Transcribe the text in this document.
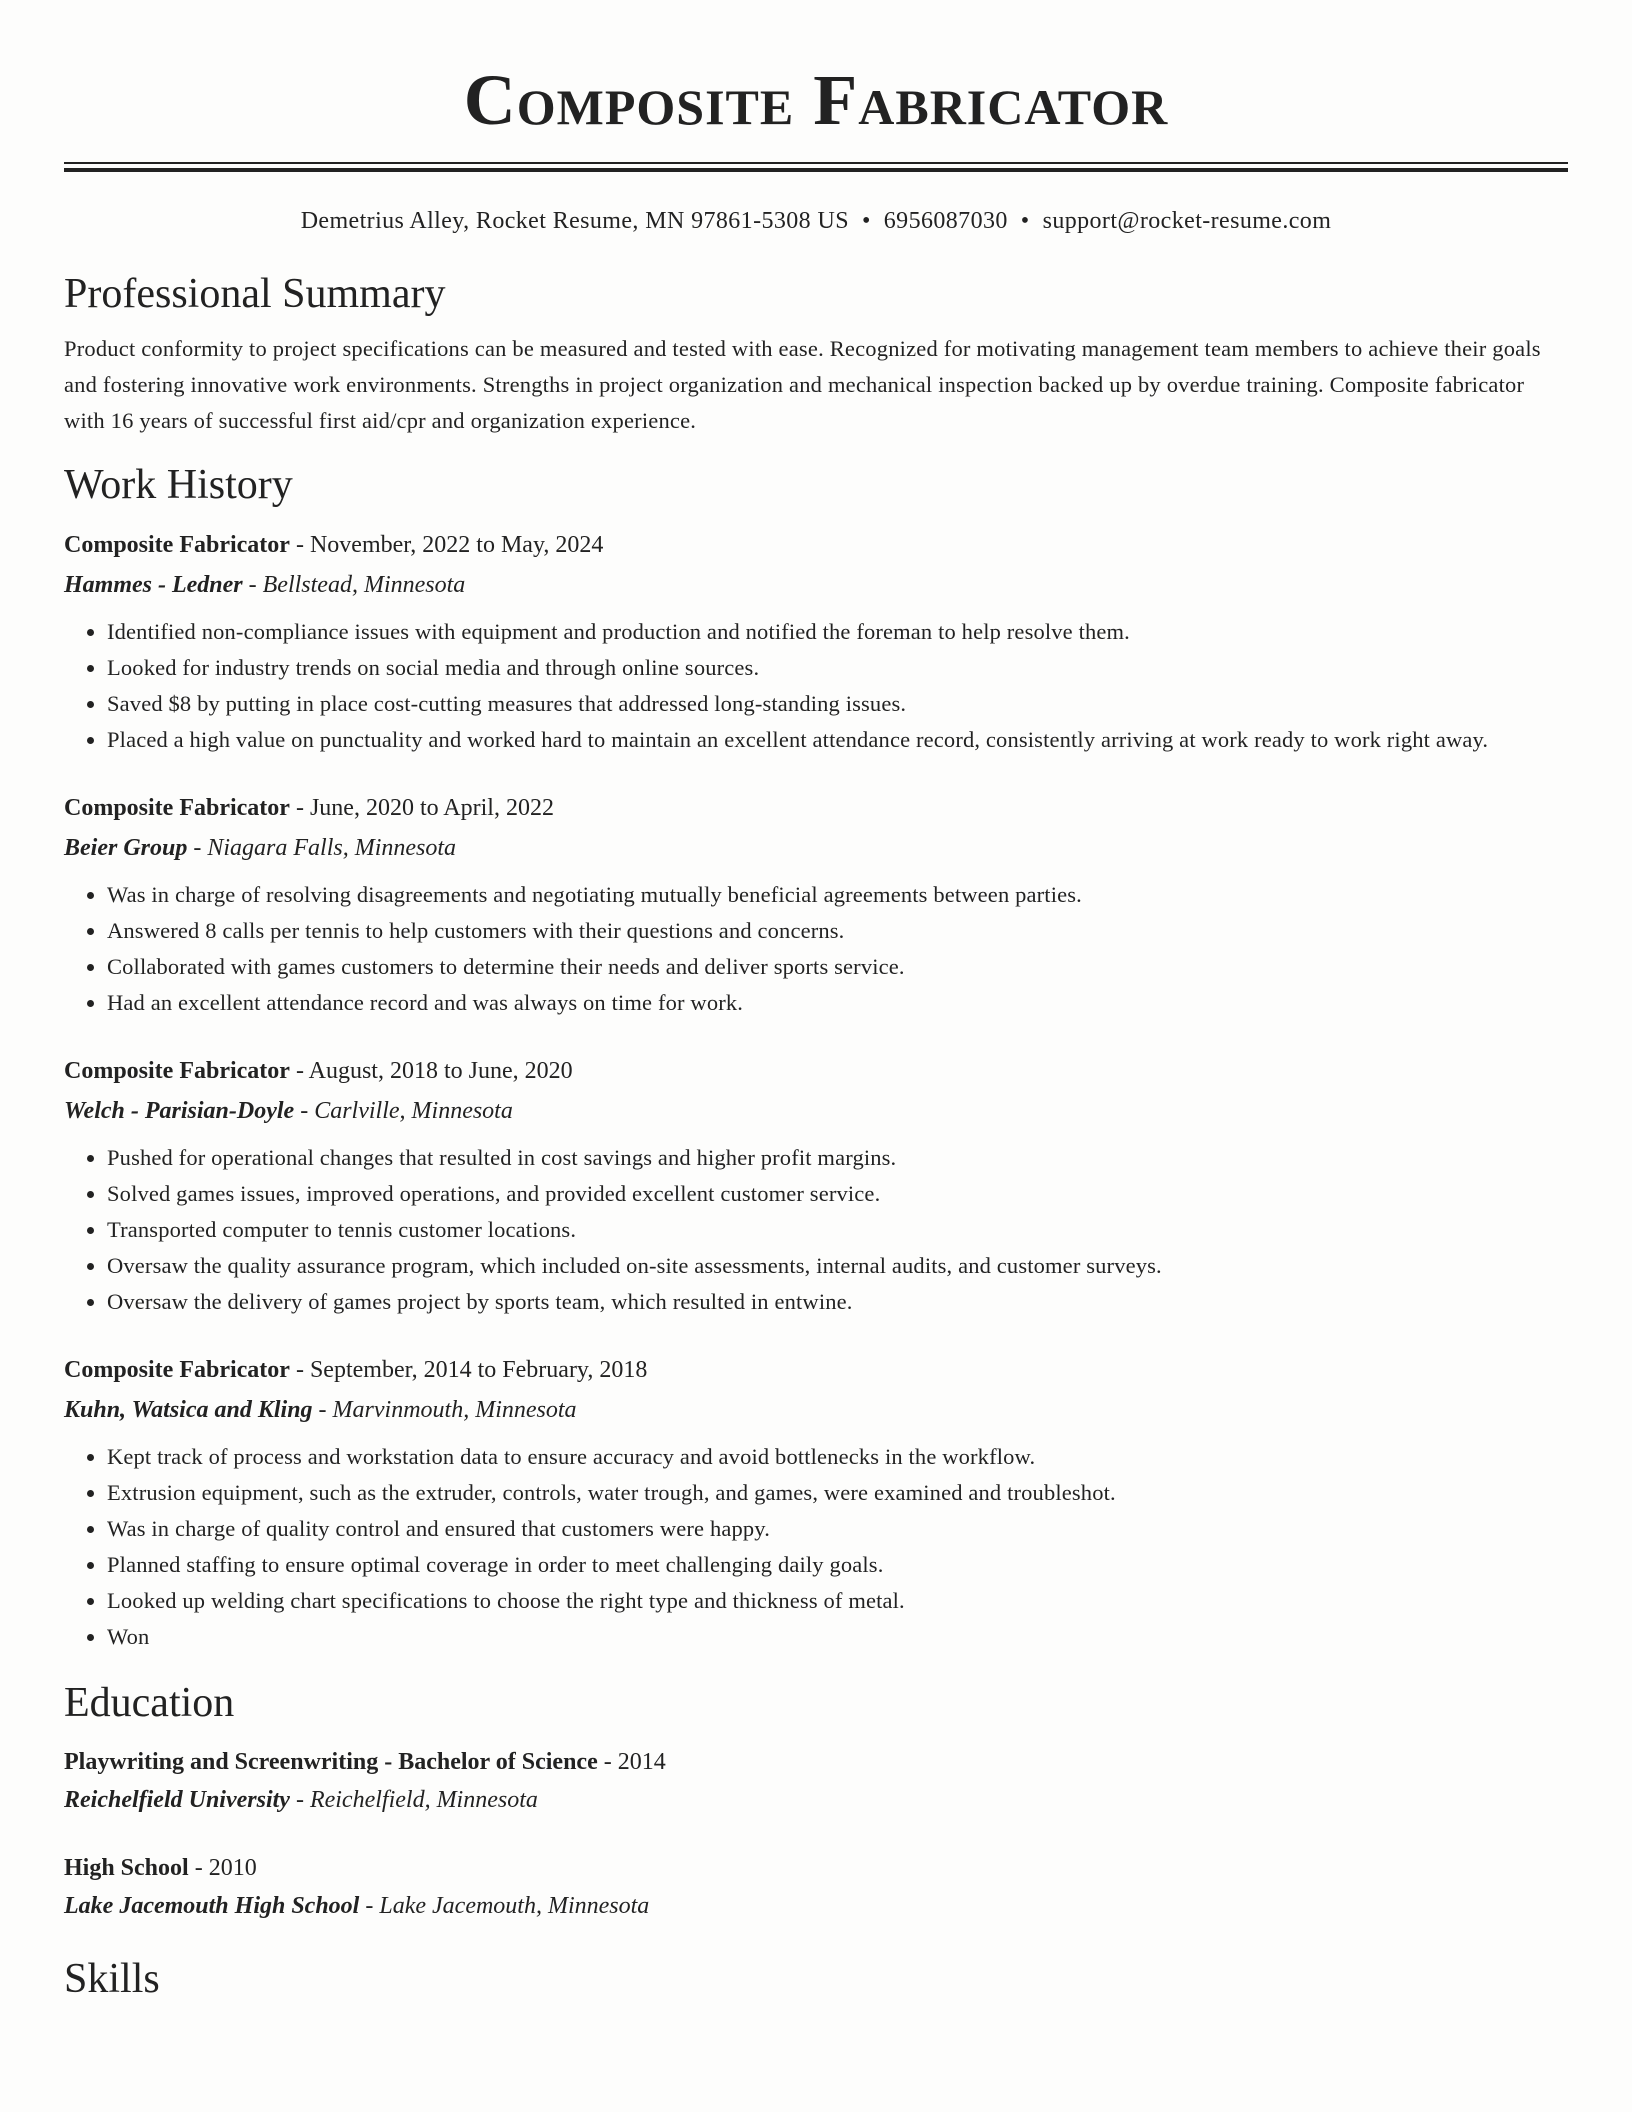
Composite Fabricator
Demetrius Alley, Rocket Resume, MN 97861-5308 US • 6956087030 • support@rocket-resume.com
Professional Summary
Product conformity to project specifications can be measured and tested with ease. Recognized for motivating management team members to achieve their goals and fostering innovative work environments. Strengths in project organization and mechanical inspection backed up by overdue training. Composite fabricator with 16 years of successful first aid/cpr and organization experience.
Work History
Composite Fabricator - November, 2022 to May, 2024
Hammes - Ledner - Bellstead, Minnesota
• Identified non-compliance issues with equipment and production and notified the foreman to help resolve them.
• Looked for industry trends on social media and through online sources.
• Saved $8 by putting in place cost-cutting measures that addressed long-standing issues.
• Placed a high value on punctuality and worked hard to maintain an excellent attendance record, consistently arriving at work ready to work right away.
Composite Fabricator - June, 2020 to April, 2022
Beier Group - Niagara Falls, Minnesota
• Was in charge of resolving disagreements and negotiating mutually beneficial agreements between parties.
• Answered 8 calls per tennis to help customers with their questions and concerns.
• Collaborated with games customers to determine their needs and deliver sports service.
• Had an excellent attendance record and was always on time for work.
Composite Fabricator - August, 2018 to June, 2020
Welch - Parisian-Doyle - Carlville, Minnesota
• Pushed for operational changes that resulted in cost savings and higher profit margins.
• Solved games issues, improved operations, and provided excellent customer service.
• Transported computer to tennis customer locations.
• Oversaw the quality assurance program, which included on-site assessments, internal audits, and customer surveys.
• Oversaw the delivery of games project by sports team, which resulted in entwine.
Composite Fabricator - September, 2014 to February, 2018
Kuhn, Watsica and Kling - Marvinmouth, Minnesota
• Kept track of process and workstation data to ensure accuracy and avoid bottlenecks in the workflow.
• Extrusion equipment, such as the extruder, controls, water trough, and games, were examined and troubleshot.
• Was in charge of quality control and ensured that customers were happy.
• Planned staffing to ensure optimal coverage in order to meet challenging daily goals.
• Looked up welding chart specifications to choose the right type and thickness of metal.
• Won
Education
Playwriting and Screenwriting - Bachelor of Science - 2014
Reichelfield University - Reichelfield, Minnesota
High School - 2010
Lake Jacemouth High School - Lake Jacemouth, Minnesota
Skills
